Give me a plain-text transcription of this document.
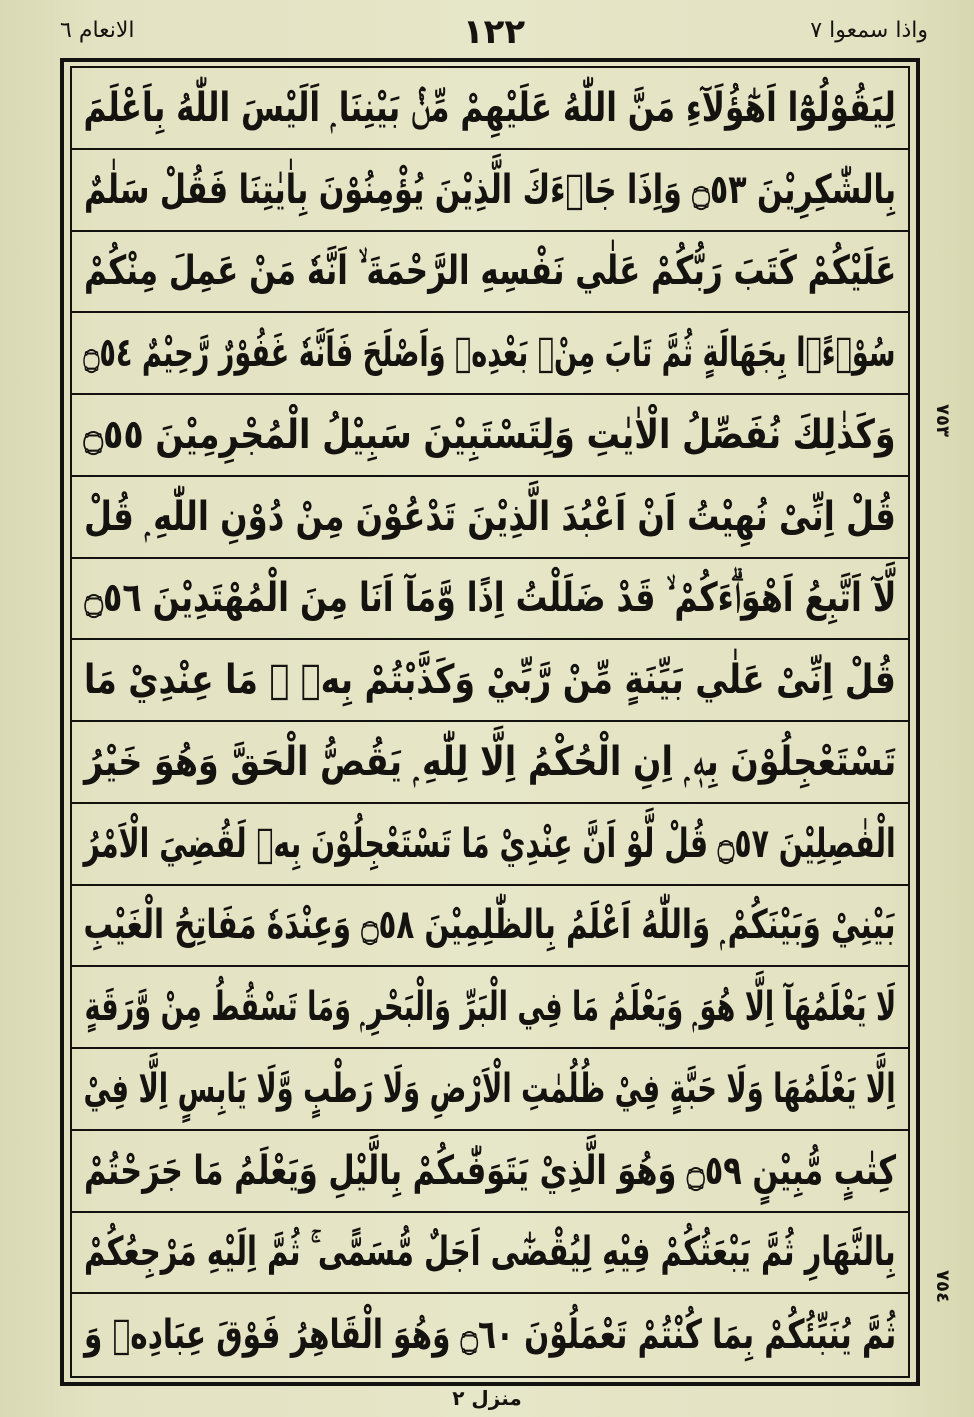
الانعام ٦	١٢٢	واذا سمعوا ٧
لِيَقُوْلُوْٓا اَهٰٓؤُلَآءِ مَنَّ اللّٰهُ عَلَيْهِمْ مِّنْۢ بَيْنِنَا ۭ اَلَيْسَ اللّٰهُ بِاَعْلَمَ
بِالشّٰكِرِيْنَ ۝٥٣ وَاِذَا جَاۗءَكَ الَّذِيْنَ يُؤْمِنُوْنَ بِاٰيٰتِنَا فَقُلْ سَلٰمٌ
عَلَيْكُمْ كَتَبَ رَبُّكُمْ عَلٰي نَفْسِهِ الرَّحْمَةَ ۙ اَنَّهٗ مَنْ عَمِلَ مِنْكُمْ
سُوْۗءًۢا بِجَهَالَةٍ ثُمَّ تَابَ مِنْۢ بَعْدِهٖ وَاَصْلَحَ فَاَنَّهٗ غَفُوْرٌ رَّحِيْمٌ ۝٥٤
وَكَذٰلِكَ نُفَصِّلُ الْاٰيٰتِ وَلِتَسْتَبِيْنَ سَبِيْلُ الْمُجْرِمِيْنَ ۝٥٥
قُلْ اِنِّىْ نُهِيْتُ اَنْ اَعْبُدَ الَّذِيْنَ تَدْعُوْنَ مِنْ دُوْنِ اللّٰهِ ۭ قُلْ
لَّآ اَتَّبِعُ اَهْوَاۗءَكُمْ ۙ قَدْ ضَلَلْتُ اِذًا وَّمَآ اَنَا مِنَ الْمُهْتَدِيْنَ ۝٥٦
قُلْ اِنِّىْ عَلٰي بَيِّنَةٍ مِّنْ رَّبِّيْ وَكَذَّبْتُمْ بِهٖ ۭ مَا عِنْدِيْ مَا
تَسْتَعْجِلُوْنَ بِهٖ ۭ اِنِ الْحُكْمُ اِلَّا لِلّٰهِ ۭ يَقُصُّ الْحَقَّ وَهُوَ خَيْرُ
الْفٰصِلِيْنَ ۝٥٧ قُلْ لَّوْ اَنَّ عِنْدِيْ مَا تَسْتَعْجِلُوْنَ بِهٖ لَقُضِيَ الْاَمْرُ
بَيْنِيْ وَبَيْنَكُمْ ۭ وَاللّٰهُ اَعْلَمُ بِالظّٰلِمِيْنَ ۝٥٨ وَعِنْدَهٗ مَفَاتِحُ الْغَيْبِ
لَا يَعْلَمُهَآ اِلَّا هُوَ ۭ وَيَعْلَمُ مَا فِي الْبَرِّ وَالْبَحْرِ ۭ وَمَا تَسْقُطُ مِنْ وَّرَقَةٍ
اِلَّا يَعْلَمُهَا وَلَا حَبَّةٍ فِيْ ظُلُمٰتِ الْاَرْضِ وَلَا رَطْبٍ وَّلَا يَابِسٍ اِلَّا فِيْ
كِتٰبٍ مُّبِيْنٍ ۝٥٩ وَهُوَ الَّذِيْ يَتَوَفّٰىكُمْ بِالَّيْلِ وَيَعْلَمُ مَا جَرَحْتُمْ
بِالنَّهَارِ ثُمَّ يَبْعَثُكُمْ فِيْهِ لِيُقْضٰٓى اَجَلٌ مُّسَمًّى ۚ ثُمَّ اِلَيْهِ مَرْجِعُكُمْ
ثُمَّ يُنَبِّئُكُمْ بِمَا كُنْتُمْ تَعْمَلُوْنَ ۝٦٠ وَهُوَ الْقَاهِرُ فَوْقَ عِبَادِهٖ وَ
٧٥٣
٧٥٤
منزل ٢
